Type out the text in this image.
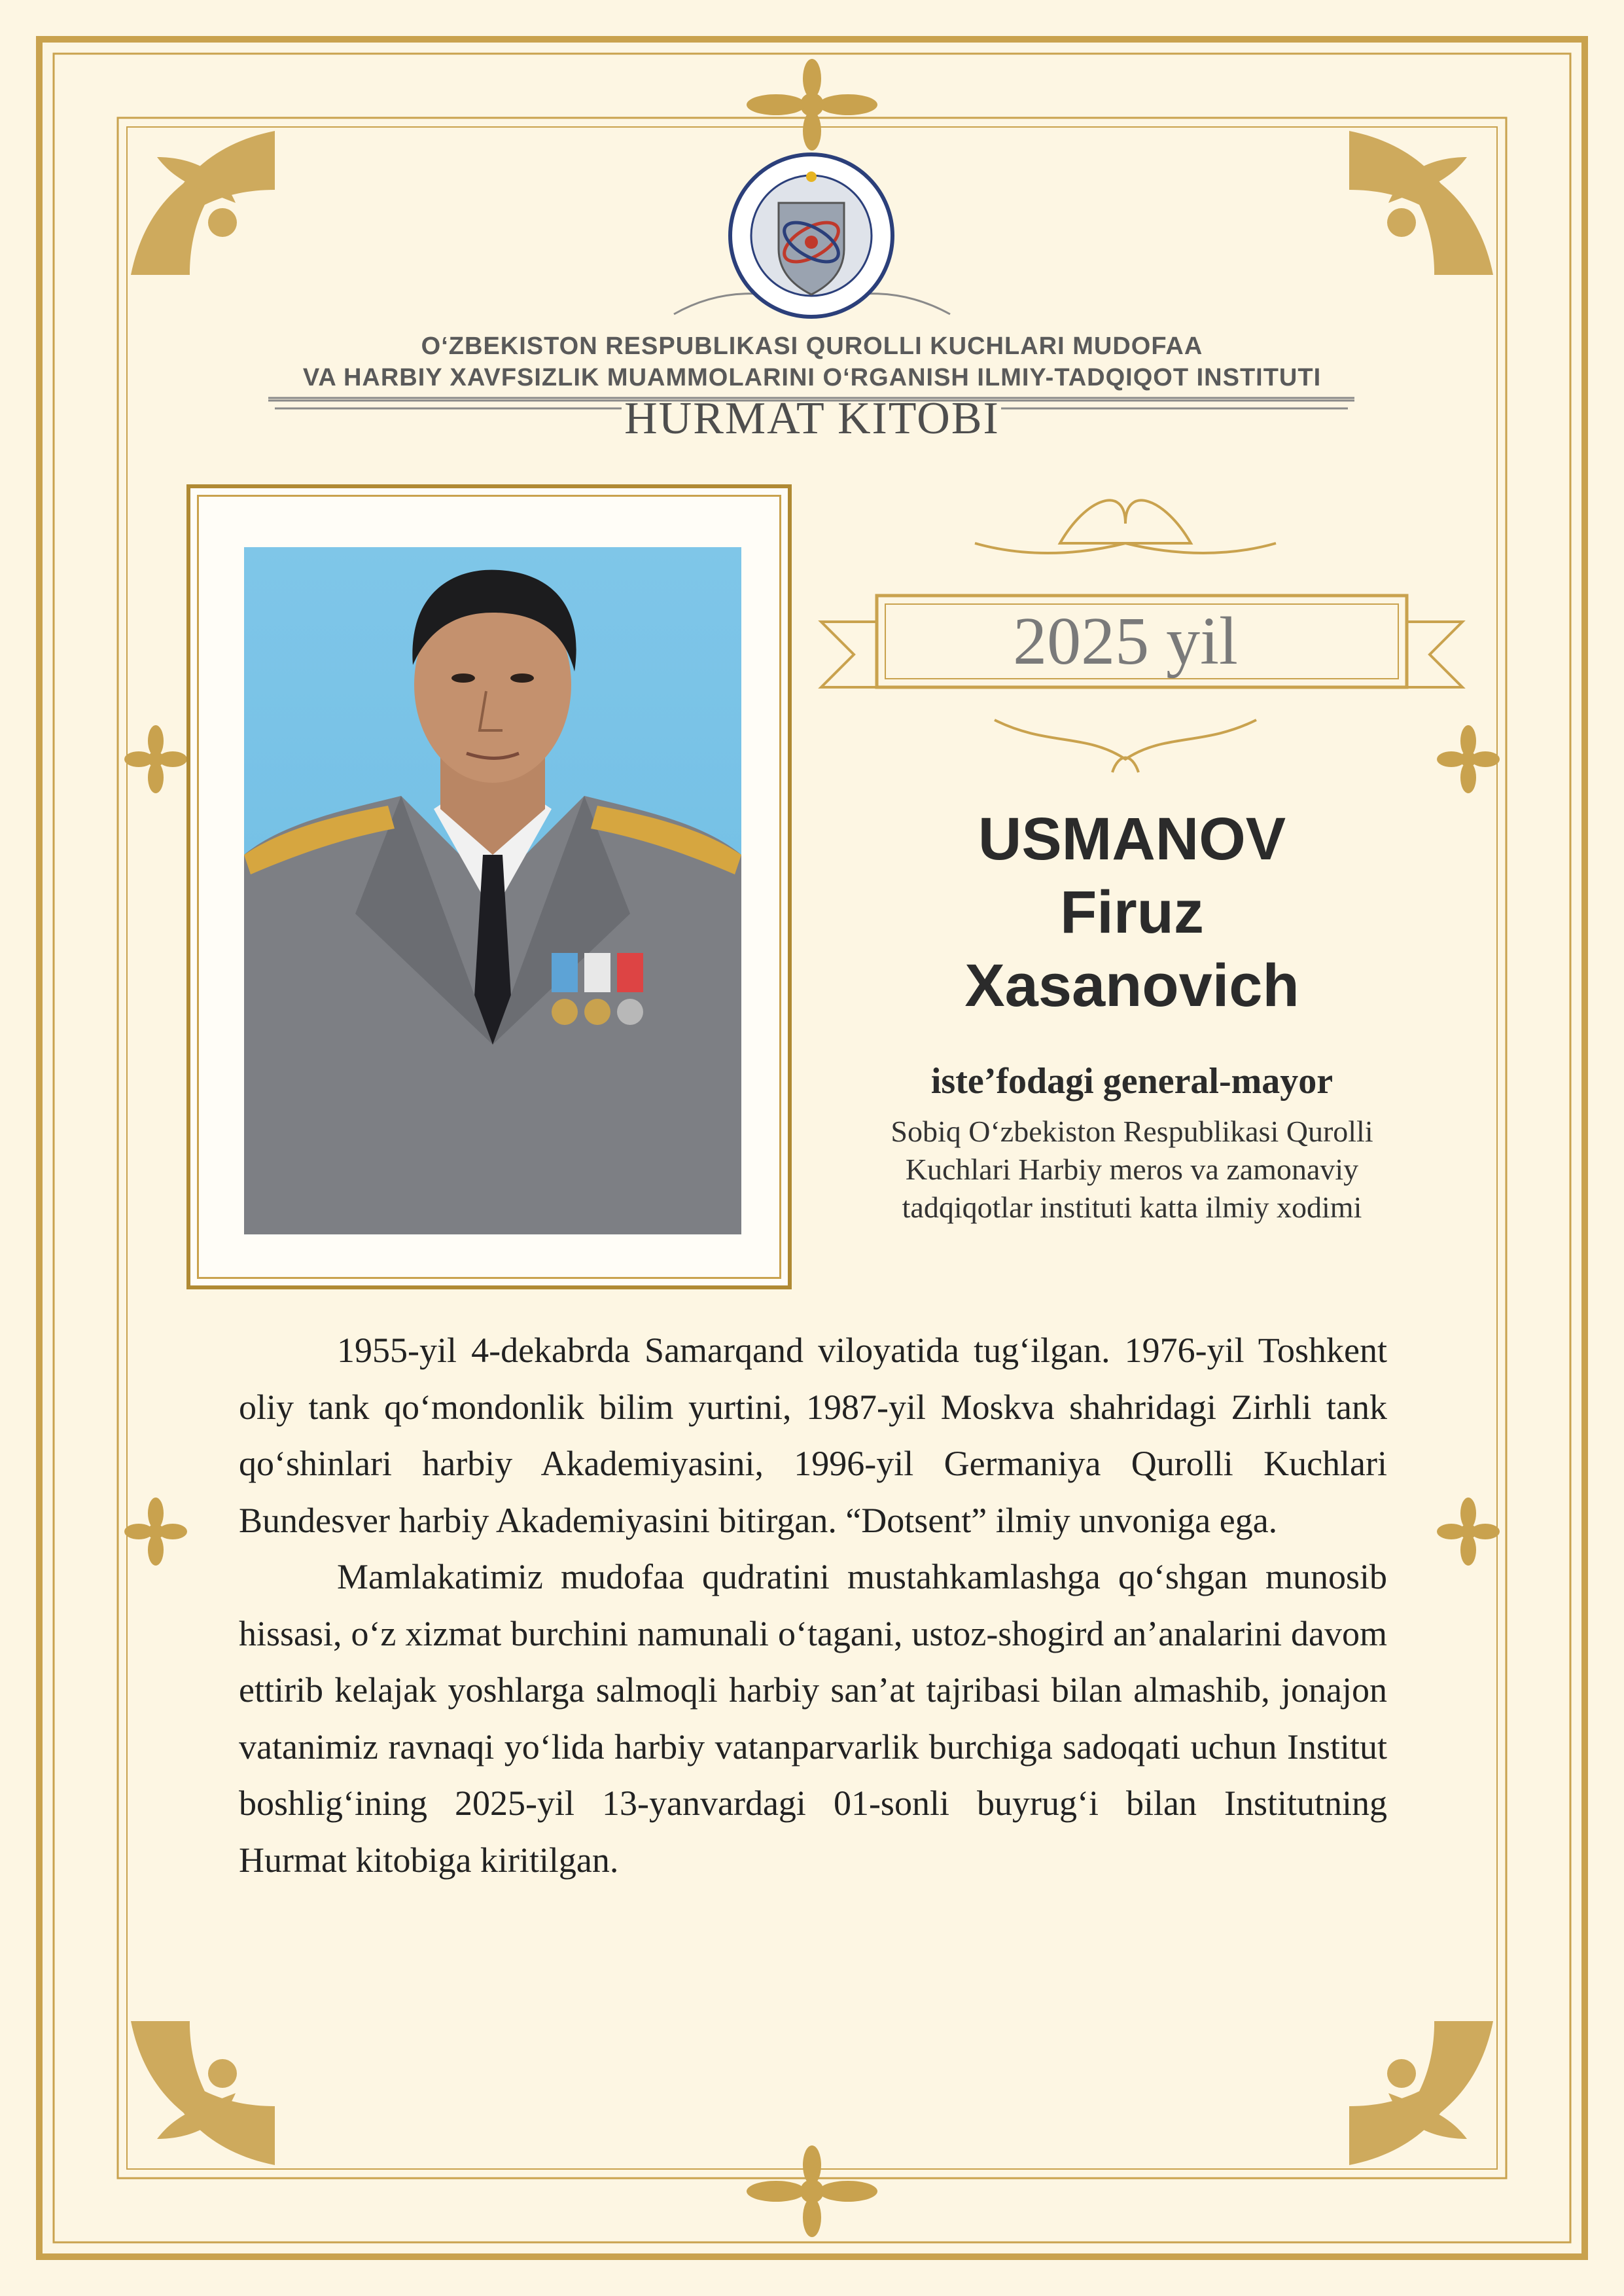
O‘ZBEKISTON RESPUBLIKASI QUROLLI KUCHLARI MUDOFAA
VA HARBIY XAVFSIZLIK MUAMMOLARINI O‘RGANISH ILMIY-TADQIQOT INSTITUTI
HURMAT KITOBI
2025 yil
USMANOV
Firuz
Xasanovich
iste’fodagi general-mayor
Sobiq O‘zbekiston Respublikasi Qurolli
Kuchlari Harbiy meros va zamonaviy
tadqiqotlar instituti katta ilmiy xodimi

1955-yil 4-dekabrda Samarqand viloyatida tug‘ilgan. 1976-yil Toshkent oliy tank qo‘mondonlik bilim yurtini, 1987-yil Moskva shahridagi Zirhli tank qo‘shinlari harbiy Akademiyasini, 1996-yil Germaniya Qurolli Kuchlari Bundesver harbiy Akademiyasini bitirgan. “Dotsent” ilmiy unvoniga ega.

Mamlakatimiz mudofaa qudratini mustahkamlashga qo‘shgan munosib hissasi, o‘z xizmat burchini namunali o‘tagani, ustoz-shogird an’analarini davom ettirib kelajak yoshlarga salmoqli harbiy san’at tajribasi bilan almashib, jonajon vatanimiz ravnaqi yo‘lida harbiy vatanparvarlik burchiga sadoqati uchun Institut boshlig‘ining 2025-yil 13-yanvardagi 01-sonli buyrug‘i bilan Institutning Hurmat kitobiga kiritilgan.
